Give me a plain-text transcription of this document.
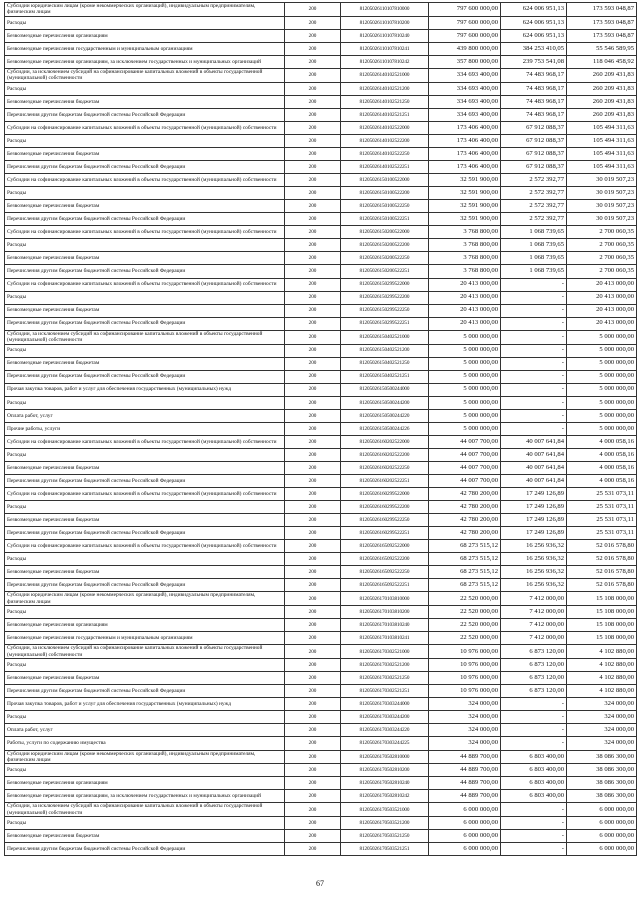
Субсидии юридическим лицам (кроме некоммерческих организаций), индивидуальным предпринимателям, физическим лицам	200	81205026110107810000	797 600 000,00	624 006 951,13	173 593 048,87
Расходы	200	81205026110107810200	797 600 000,00	624 006 951,13	173 593 048,87
Безвозмездные перечисления организациям	200	81205026110107810240	797 600 000,00	624 006 951,13	173 593 048,87
Безвозмездные перечисления государственным и муниципальным организациям	200	81205026110107810241	439 800 000,00	384 253 410,05	55 546 589,95
Безвозмездные перечисления организациям, за исключением государственных и муниципальных организаций	200	81205026110107810242	357 800 000,00	239 753 541,08	118 046 458,92
Субсидии, за исключением субсидий на софинансирование капитальных вложений в объекты государственной (муниципальной) собственности	200	81205026140102521000	334 693 400,00	74 483 968,17	260 209 431,83
Расходы	200	81205026140102521200	334 693 400,00	74 483 968,17	260 209 431,83
Безвозмездные перечисления бюджетам	200	81205026140102521250	334 693 400,00	74 483 968,17	260 209 431,83
Перечисления другим бюджетам бюджетной системы Российской Федерации	200	81205026140102521251	334 693 400,00	74 483 968,17	260 209 431,83
Субсидии на софинансирование капитальных вложений в объекты государственной (муниципальной) собственности	200	81205026140102522000	173 406 400,00	67 912 088,37	105 494 311,63
Расходы	200	81205026140102522200	173 406 400,00	67 912 088,37	105 494 311,63
Безвозмездные перечисления бюджетам	200	81205026140102522250	173 406 400,00	67 912 088,37	105 494 311,63
Перечисления другим бюджетам бюджетной системы Российской Федерации	200	81205026140102522251	173 406 400,00	67 912 088,37	105 494 311,63
Субсидии на софинансирование капитальных вложений в объекты государственной (муниципальной) собственности	200	81205026150100522000	32 591 900,00	2 572 392,77	30 019 507,23
Расходы	200	81205026150100522200	32 591 900,00	2 572 392,77	30 019 507,23
Безвозмездные перечисления бюджетам	200	81205026150100522250	32 591 900,00	2 572 392,77	30 019 507,23
Перечисления другим бюджетам бюджетной системы Российской Федерации	200	81205026150100522251	32 591 900,00	2 572 392,77	30 019 507,23
Субсидии на софинансирование капитальных вложений в объекты государственной (муниципальной) собственности	200	81205026150200522000	3 768 800,00	1 068 739,65	2 700 060,35
Расходы	200	81205026150200522200	3 768 800,00	1 068 739,65	2 700 060,35
Безвозмездные перечисления бюджетам	200	81205026150200522250	3 768 800,00	1 068 739,65	2 700 060,35
Перечисления другим бюджетам бюджетной системы Российской Федерации	200	81205026150200522251	3 768 800,00	1 068 739,65	2 700 060,35
Субсидии на софинансирование капитальных вложений в объекты государственной (муниципальной) собственности	200	81205026150299522000	20 413 000,00	-	20 413 000,00
Расходы	200	81205026150299522200	20 413 000,00	-	20 413 000,00
Безвозмездные перечисления бюджетам	200	81205026150299522250	20 413 000,00	-	20 413 000,00
Перечисления другим бюджетам бюджетной системы Российской Федерации	200	81205026150299522251	20 413 000,00	-	20 413 000,00
Субсидии, за исключением субсидий на софинансирование капитальных вложений в объекты государственной (муниципальной) собственности	200	81205026150402521000	5 000 000,00	-	5 000 000,00
Расходы	200	81205026150402521200	5 000 000,00	-	5 000 000,00
Безвозмездные перечисления бюджетам	200	81205026150402521250	5 000 000,00	-	5 000 000,00
Перечисления другим бюджетам бюджетной системы Российской Федерации	200	81205026150402521251	5 000 000,00	-	5 000 000,00
Прочая закупка товаров, работ и услуг для обеспечения государственных (муниципальных) нужд	200	81205026150500244000	5 000 000,00	-	5 000 000,00
Расходы	200	81205026150500244200	5 000 000,00	-	5 000 000,00
Оплата работ, услуг	200	81205026150500244220	5 000 000,00	-	5 000 000,00
Прочие работы, услуги	200	81205026150500244226	5 000 000,00	-	5 000 000,00
Субсидии на софинансирование капитальных вложений в объекты государственной (муниципальной) собственности	200	81205026160202522000	44 007 700,00	40 007 641,84	4 000 058,16
Расходы	200	81205026160202522200	44 007 700,00	40 007 641,84	4 000 058,16
Безвозмездные перечисления бюджетам	200	81205026160202522250	44 007 700,00	40 007 641,84	4 000 058,16
Перечисления другим бюджетам бюджетной системы Российской Федерации	200	81205026160202522251	44 007 700,00	40 007 641,84	4 000 058,16
Субсидии на софинансирование капитальных вложений в объекты государственной (муниципальной) собственности	200	81205026160299522000	42 780 200,00	17 249 126,89	25 531 073,11
Расходы	200	81205026160299522200	42 780 200,00	17 249 126,89	25 531 073,11
Безвозмездные перечисления бюджетам	200	81205026160299522250	42 780 200,00	17 249 126,89	25 531 073,11
Перечисления другим бюджетам бюджетной системы Российской Федерации	200	81205026160299522251	42 780 200,00	17 249 126,89	25 531 073,11
Субсидии на софинансирование капитальных вложений в объекты государственной (муниципальной) собственности	200	81205026165092522000	68 273 515,12	16 256 936,32	52 016 578,80
Расходы	200	81205026165092522200	68 273 515,12	16 256 936,32	52 016 578,80
Безвозмездные перечисления бюджетам	200	81205026165092522250	68 273 515,12	16 256 936,32	52 016 578,80
Перечисления другим бюджетам бюджетной системы Российской Федерации	200	81205026165092522251	68 273 515,12	16 256 936,32	52 016 578,80
Субсидии юридическим лицам (кроме некоммерческих организаций), индивидуальным предпринимателям, физическим лицам	200	81205026170103810000	22 520 000,00	7 412 000,00	15 108 000,00
Расходы	200	81205026170103810200	22 520 000,00	7 412 000,00	15 108 000,00
Безвозмездные перечисления организациям	200	81205026170103810240	22 520 000,00	7 412 000,00	15 108 000,00
Безвозмездные перечисления государственным и муниципальным организациям	200	81205026170103810241	22 520 000,00	7 412 000,00	15 108 000,00
Субсидии, за исключением субсидий на софинансирование капитальных вложений в объекты государственной (муниципальной) собственности	200	81205026170302521000	10 976 000,00	6 873 120,00	4 102 880,00
Расходы	200	81205026170302521200	10 976 000,00	6 873 120,00	4 102 880,00
Безвозмездные перечисления бюджетам	200	81205026170302521250	10 976 000,00	6 873 120,00	4 102 880,00
Перечисления другим бюджетам бюджетной системы Российской Федерации	200	81205026170302521251	10 976 000,00	6 873 120,00	4 102 880,00
Прочая закупка товаров, работ и услуг для обеспечения государственных (муниципальных) нужд	200	81205026170303244000	324 000,00	-	324 000,00
Расходы	200	81205026170303244200	324 000,00	-	324 000,00
Оплата работ, услуг	200	81205026170303244220	324 000,00	-	324 000,00
Работы, услуги по содержанию имущества	200	81205026170303244225	324 000,00	-	324 000,00
Субсидии юридическим лицам (кроме некоммерческих организаций), индивидуальным предпринимателям, физическим лицам	200	81205026170502810000	44 889 700,00	6 803 400,00	38 086 300,00
Расходы	200	81205026170502810200	44 889 700,00	6 803 400,00	38 086 300,00
Безвозмездные перечисления организациям	200	81205026170502810240	44 889 700,00	6 803 400,00	38 086 300,00
Безвозмездные перечисления организациям, за исключением государственных и муниципальных организаций	200	81205026170502810242	44 889 700,00	6 803 400,00	38 086 300,00
Субсидии, за исключением субсидий на софинансирование капитальных вложений в объекты государственной (муниципальной) собственности	200	81205026170503521000	6 000 000,00	-	6 000 000,00
Расходы	200	81205026170503521200	6 000 000,00	-	6 000 000,00
Безвозмездные перечисления бюджетам	200	81205026170503521250	6 000 000,00	-	6 000 000,00
Перечисления другим бюджетам бюджетной системы Российской Федерации	200	81205026170503521251	6 000 000,00	-	6 000 000,00
67
